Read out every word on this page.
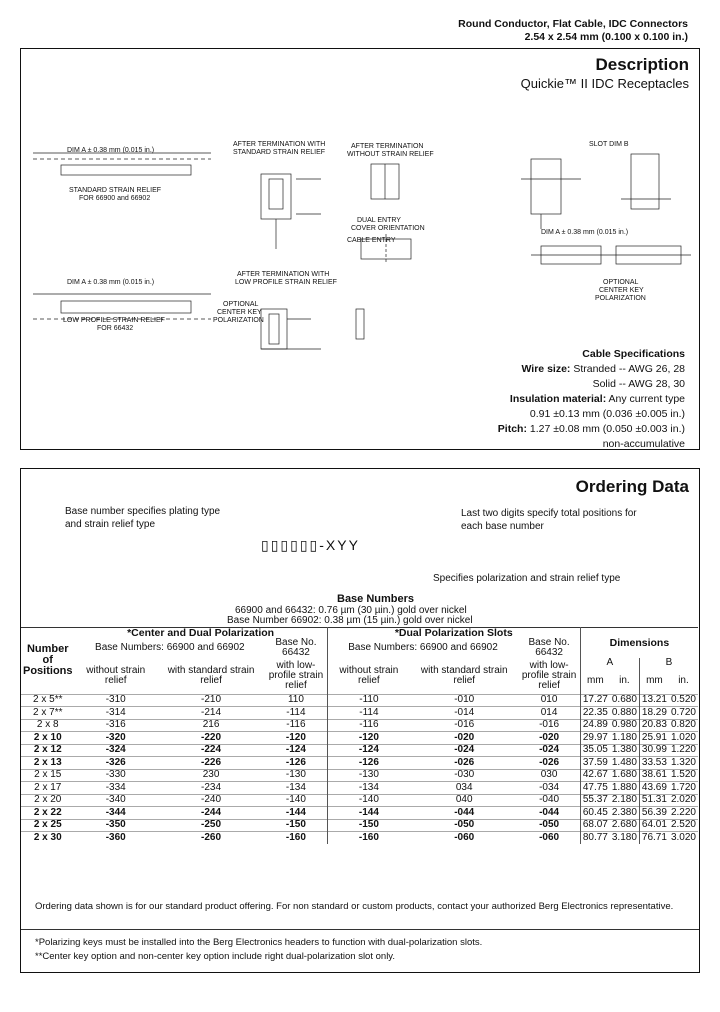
Round Conductor, Flat Cable, IDC Connectors
2.54 x 2.54 mm (0.100 x 0.100 in.)
Description
Quickie™ II IDC Receptacles
DIM A ± 0.38 mm (0.015 in.)
STANDARD STRAIN RELIEF
FOR 66900 and 66902
AFTER TERMINATION WITH
STANDARD STRAIN RELIEF
AFTER TERMINATION
WITHOUT STRAIN RELIEF
DUAL ENTRY
COVER ORIENTATION
CABLE ENTRY
SLOT DIM B
DIM A ± 0.38 mm (0.015 in.)
DIM A ± 0.38 mm (0.015 in.)
LOW PROFILE STRAIN RELIEF
FOR 66432
AFTER TERMINATION WITH
LOW PROFILE STRAIN RELIEF
OPTIONAL
CENTER KEY
POLARIZATION
OPTIONAL
CENTER KEY
POLARIZATION
Cable Specifications
Wire size: Stranded -- AWG 26, 28
Solid -- AWG 28, 30
Insulation material: Any current type
0.91 ±0.13 mm (0.036 ±0.005 in.)
Pitch: 1.27 ±0.08 mm (0.050 ±0.003 in.)
non-accumulative
Ordering Data
Base number specifies plating type and strain relief type
Last two digits specify total positions for each base number
▯▯▯▯▯▯-XYY
Specifies polarization and strain relief type
Base Numbers
66900 and 66432: 0.76 µm (30 µin.) gold over nickel
Base Number 66902: 0.38 µm (15 µin.) gold over nickel
Number of Positions	*Center and Dual Polarization			*Dual Polarization Slots			Dimensions			
	Base Numbers: 66900 and 66902		Base No. 66432	Base Numbers: 66900 and 66902		Base No. 66432				
	without strain relief	with standard strain relief	with low-profile strain relief	without strain relief	with standard strain relief	with low-profile strain relief	A		B	
							mm	in.	mm	in.
2 x 5**	-310	-210	110	-110	-010	010	17.27	0.680	13.21	0.520
2 x 7**	-314	-214	-114	-114	-014	014	22.35	0.880	18.29	0.720
2 x 8	-316	216	-116	-116	-016	-016	24.89	0.980	20.83	0.820
2 x 10	-320	-220	-120	-120	-020	-020	29.97	1.180	25.91	1.020
2 x 12	-324	-224	-124	-124	-024	-024	35.05	1.380	30.99	1.220
2 x 13	-326	-226	-126	-126	-026	-026	37.59	1.480	33.53	1.320
2 x 15	-330	230	-130	-130	-030	030	42.67	1.680	38.61	1.520
2 x 17	-334	-234	-134	-134	034	-034	47.75	1.880	43.69	1.720
2 x 20	-340	-240	-140	-140	040	-040	55.37	2.180	51.31	2.020
2 x 22	-344	-244	-144	-144	-044	-044	60.45	2.380	56.39	2.220
2 x 25	-350	-250	-150	-150	-050	-050	68.07	2.680	64.01	2.520
2 x 30	-360	-260	-160	-160	-060	-060	80.77	3.180	76.71	3.020
Ordering data shown is for our standard product offering. For non standard or custom products, contact your authorized Berg Electronics representative.
*Polarizing keys must be installed into the Berg Electronics headers to function with dual-polarization slots.
**Center key option and non-center key option include right dual-polarization slot only.
